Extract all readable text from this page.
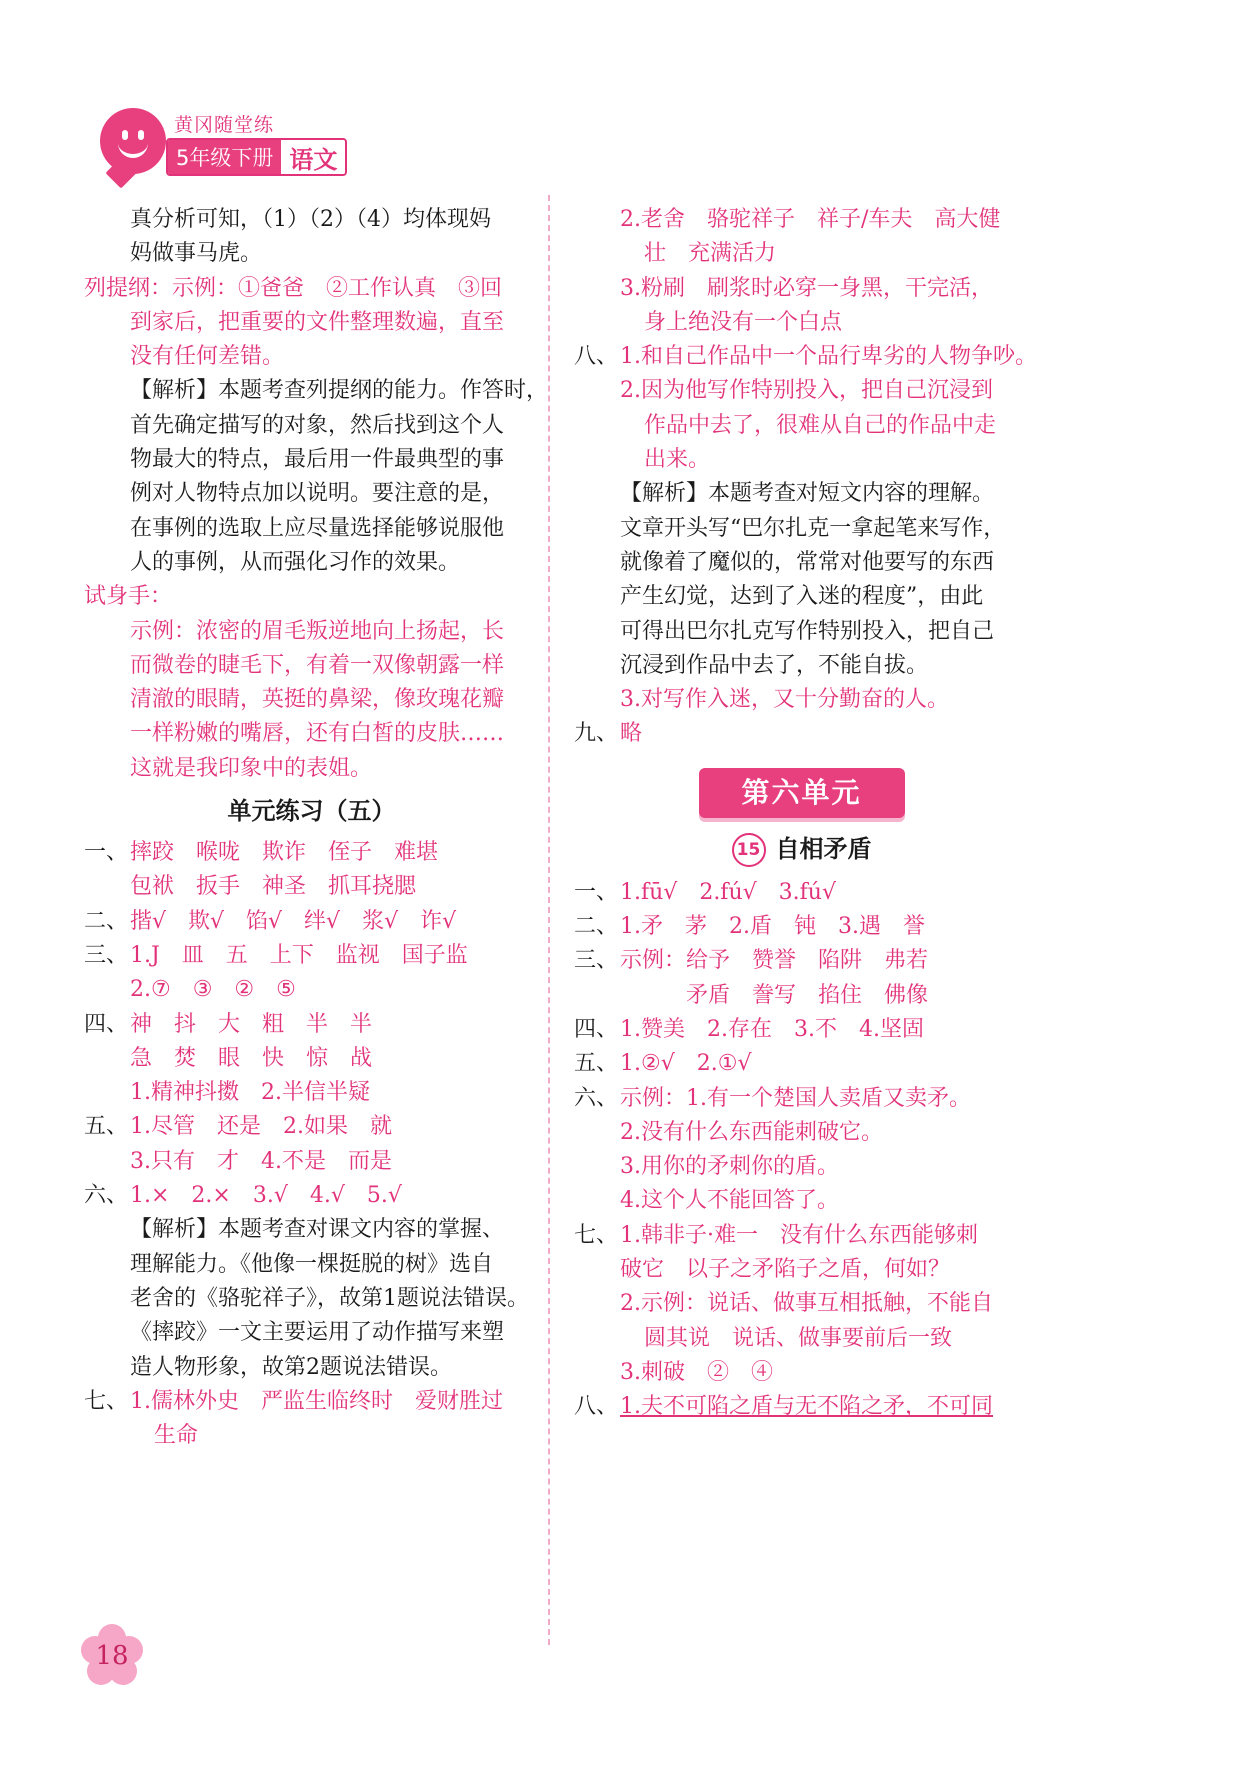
黄冈随堂练
5年级下册 语文
真分析可知，（1）（2）（4）均体现妈
妈做事马虎。
列提纲：示例：①爸爸　②工作认真　③回
到家后，把重要的文件整理数遍，直至
没有任何差错。
【解析】本题考查列提纲的能力。作答时，
首先确定描写的对象，然后找到这个人
物最大的特点，最后用一件最典型的事
例对人物特点加以说明。要注意的是，
在事例的选取上应尽量选择能够说服他
人的事例，从而强化习作的效果。
试身手：
示例：浓密的眉毛叛逆地向上扬起，长
而微卷的睫毛下，有着一双像朝露一样
清澈的眼睛，英挺的鼻梁，像玫瑰花瓣
一样粉嫩的嘴唇，还有白皙的皮肤……
这就是我印象中的表姐。
单元练习（五）
一、 摔跤　喉咙　欺诈　侄子　难堪
包袱　扳手　神圣　抓耳挠腮
二、 揩√　欺√　馅√　绊√　浆√　诈√
三、 1.J　皿　五　上下　监视　国子监
2.⑦　③　②　⑤
四、 神　抖　大　粗　半　半
急　焚　眼　快　惊　战
1.精神抖擞　2.半信半疑
五、 1.尽管　还是　2.如果　就
3.只有　才　4.不是　而是
六、 1.×　2.×　3.√　4.√　5.√
【解析】本题考查对课文内容的掌握、
理解能力。《他像一棵挺脱的树》选自
老舍的《骆驼祥子》，故第1题说法错误。
《摔跤》一文主要运用了动作描写来塑
造人物形象，故第2题说法错误。
七、 1.儒林外史　严监生临终时　爱财胜过
生命
2.老舍　骆驼祥子　祥子/车夫　高大健
壮　充满活力
3.粉刷　刷浆时必穿一身黑，干完活，
身上绝没有一个白点
八、 1.和自己作品中一个品行卑劣的人物争吵。
2.因为他写作特别投入，把自己沉浸到
作品中去了，很难从自己的作品中走
出来。
【解析】本题考查对短文内容的理解。
文章开头写“巴尔扎克一拿起笔来写作，
就像着了魔似的，常常对他要写的东西
产生幻觉，达到了入迷的程度”，由此
可得出巴尔扎克写作特别投入，把自己
沉浸到作品中去了，不能自拔。
3.对写作入迷，又十分勤奋的人。
九、 略
第六单元
15 自相矛盾
一、 1.fū√　2.fú√　3.fú√
二、 1.矛　茅　2.盾　钝　3.遇　誉
三、 示例：给予　赞誉　陷阱　弗若
矛盾　誊写　掐住　佛像
四、 1.赞美　2.存在　3.不　4.坚固
五、 1.②√　2.①√
六、 示例：1.有一个楚国人卖盾又卖矛。
2.没有什么东西能刺破它。
3.用你的矛刺你的盾。
4.这个人不能回答了。
七、 1.韩非子·难一　没有什么东西能够刺
破它　以子之矛陷子之盾，何如？
2.示例：说话、做事互相抵触，不能自
圆其说　说话、做事要前后一致
3.刺破　②　④
八、 1.夫不可陷之盾与无不陷之矛，不可同
18
